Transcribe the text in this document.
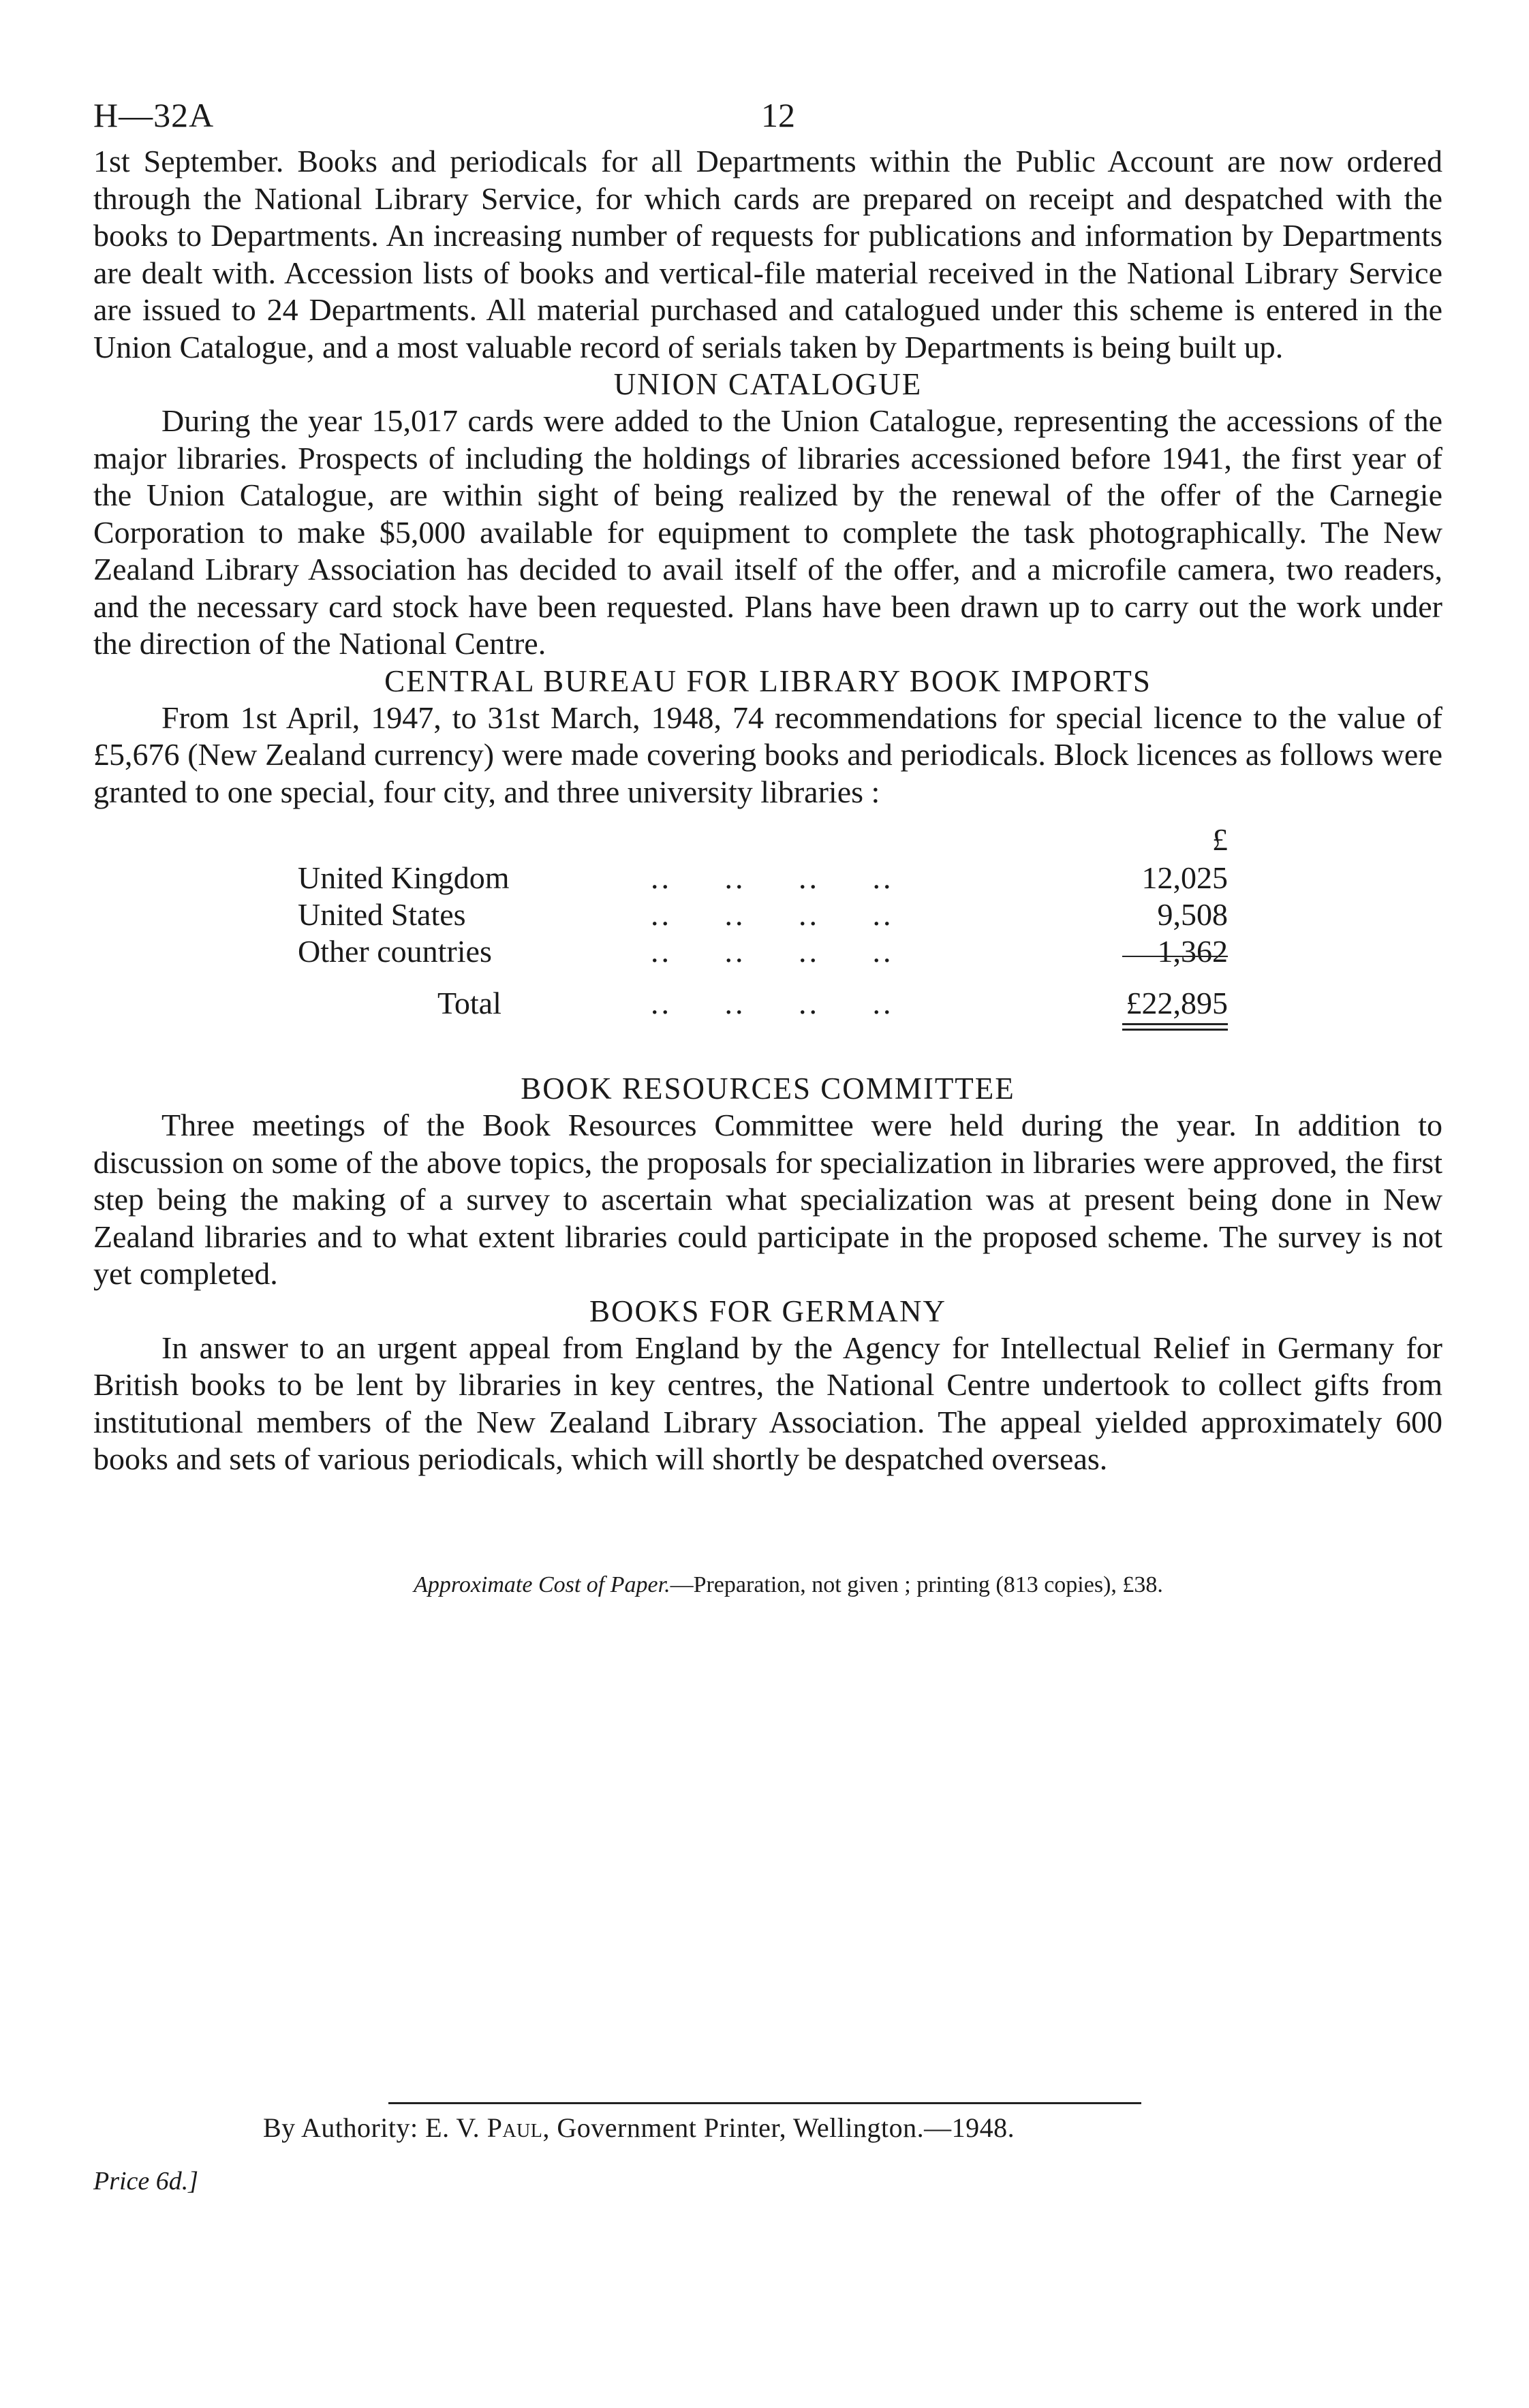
H—32A	12

1st September. Books and periodicals for all Departments within the Public Account are now ordered through the National Library Service, for which cards are prepared on receipt and despatched with the books to Departments. An increasing number of requests for publications and information by Departments are dealt with. Accession lists of books and vertical-file material received in the National Library Service are issued to 24 Departments. All material purchased and catalogued under this scheme is entered in the Union Catalogue, and a most valuable record of serials taken by Departments is being built up.

UNION CATALOGUE

During the year 15,017 cards were added to the Union Catalogue, representing the accessions of the major libraries. Prospects of including the holdings of libraries accessioned before 1941, the first year of the Union Catalogue, are within sight of being realized by the renewal of the offer of the Carnegie Corporation to make $5,000 available for equipment to complete the task photographically. The New Zealand Library Association has decided to avail itself of the offer, and a microfile camera, two readers, and the necessary card stock have been requested. Plans have been drawn up to carry out the work under the direction of the National Centre.

CENTRAL BUREAU FOR LIBRARY BOOK IMPORTS

From 1st April, 1947, to 31st March, 1948, 74 recommendations for special licence to the value of £5,676 (New Zealand currency) were made covering books and periodicals. Block licences as follows were granted to one special, four city, and three university libraries :

£
United Kingdom	..     ..     ..     ..	12,025
United States	..     ..     ..     ..	9,508
Other countries	..     ..     ..     ..	1,362
Total	..     ..     ..     ..	£22,895
BOOK RESOURCES COMMITTEE

Three meetings of the Book Resources Committee were held during the year. In addition to discussion on some of the above topics, the proposals for specialization in libraries were approved, the first step being the making of a survey to ascertain what specialization was at present being done in New Zealand libraries and to what extent libraries could participate in the proposed scheme. The survey is not yet completed.

BOOKS FOR GERMANY

In answer to an urgent appeal from England by the Agency for Intellectual Relief in Germany for British books to be lent by libraries in key centres, the National Centre undertook to collect gifts from institutional members of the New Zealand Library Association. The appeal yielded approximately 600 books and sets of various periodicals, which will shortly be despatched overseas.

Approximate Cost of Paper.—Preparation, not given ; printing (813 copies), £38.
By Authority: E. V. Paul, Government Printer, Wellington.—1948.
Price 6d.]
